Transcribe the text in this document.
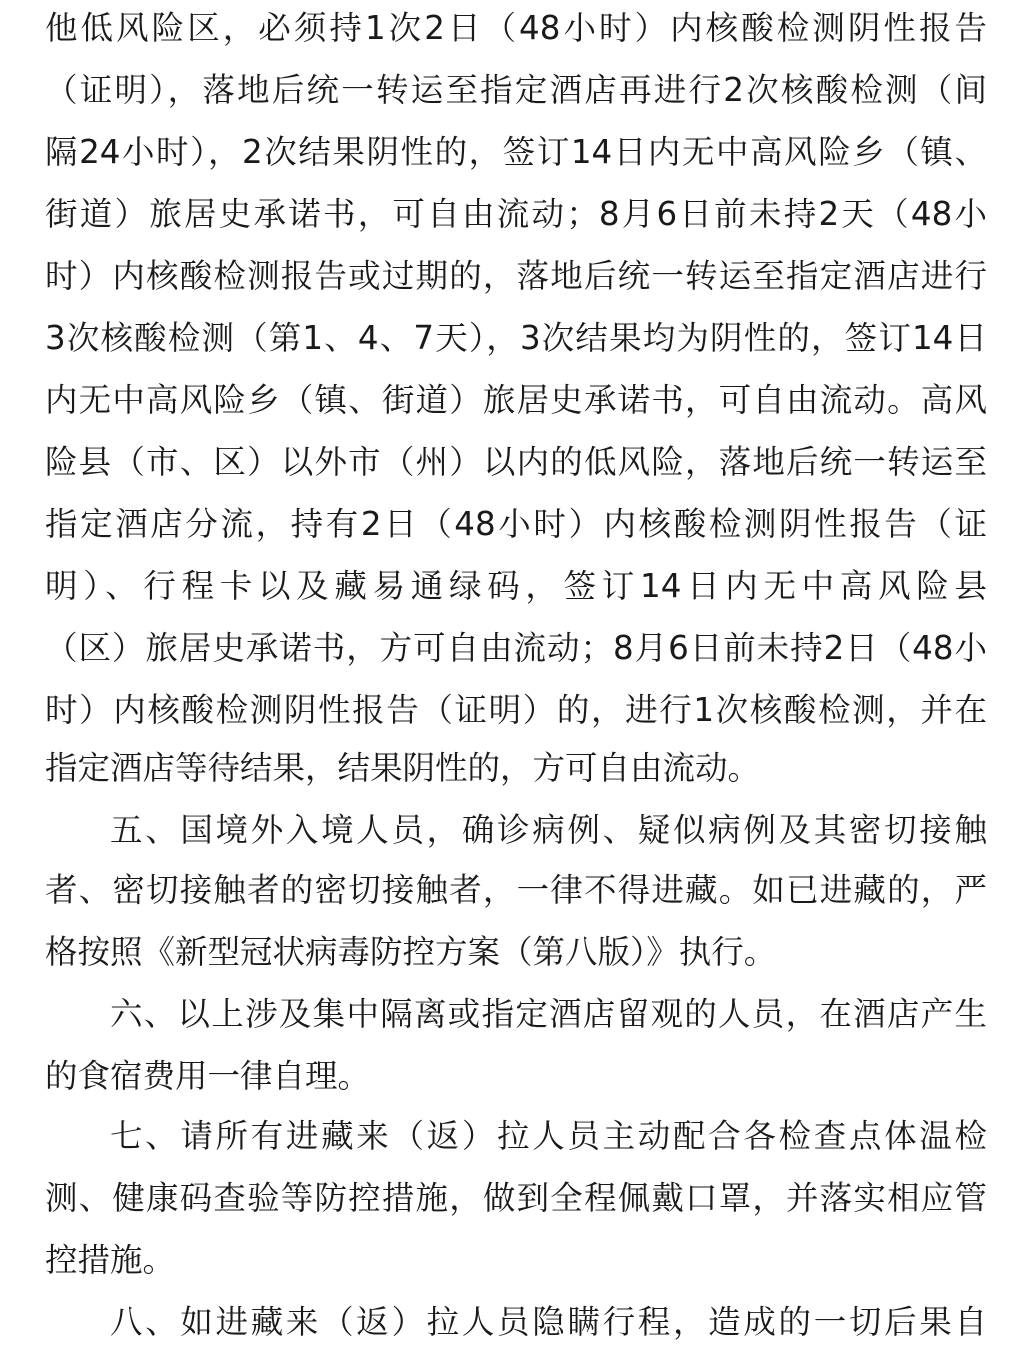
他低风险区，必须持1次2日（48小时）内核酸检测阴性报告
（证明），落地后统一转运至指定酒店再进行2次核酸检测（间
隔24小时），2次结果阴性的，签订14日内无中高风险乡（镇、
街道）旅居史承诺书，可自由流动；8月6日前未持2天（48小
时）内核酸检测报告或过期的，落地后统一转运至指定酒店进行
3次核酸检测（第1、4、7天），3次结果均为阴性的，签订14日
内无中高风险乡（镇、街道）旅居史承诺书，可自由流动。高风
险县（市、区）以外市（州）以内的低风险，落地后统一转运至
指定酒店分流，持有2日（48小时）内核酸检测阴性报告（证
明）、行程卡以及藏易通绿码，签订14日内无中高风险县
（区）旅居史承诺书，方可自由流动；8月6日前未持2日（48小
时）内核酸检测阴性报告（证明）的，进行1次核酸检测，并在
指定酒店等待结果，结果阴性的，方可自由流动。
五、国境外入境人员，确诊病例、疑似病例及其密切接触
者、密切接触者的密切接触者，一律不得进藏。如已进藏的，严
格按照《新型冠状病毒防控方案（第八版）》执行。
六、以上涉及集中隔离或指定酒店留观的人员，在酒店产生
的食宿费用一律自理。
七、请所有进藏来（返）拉人员主动配合各检查点体温检
测、健康码查验等防控措施，做到全程佩戴口罩，并落实相应管
控措施。
八、如进藏来（返）拉人员隐瞒行程，造成的一切后果自
